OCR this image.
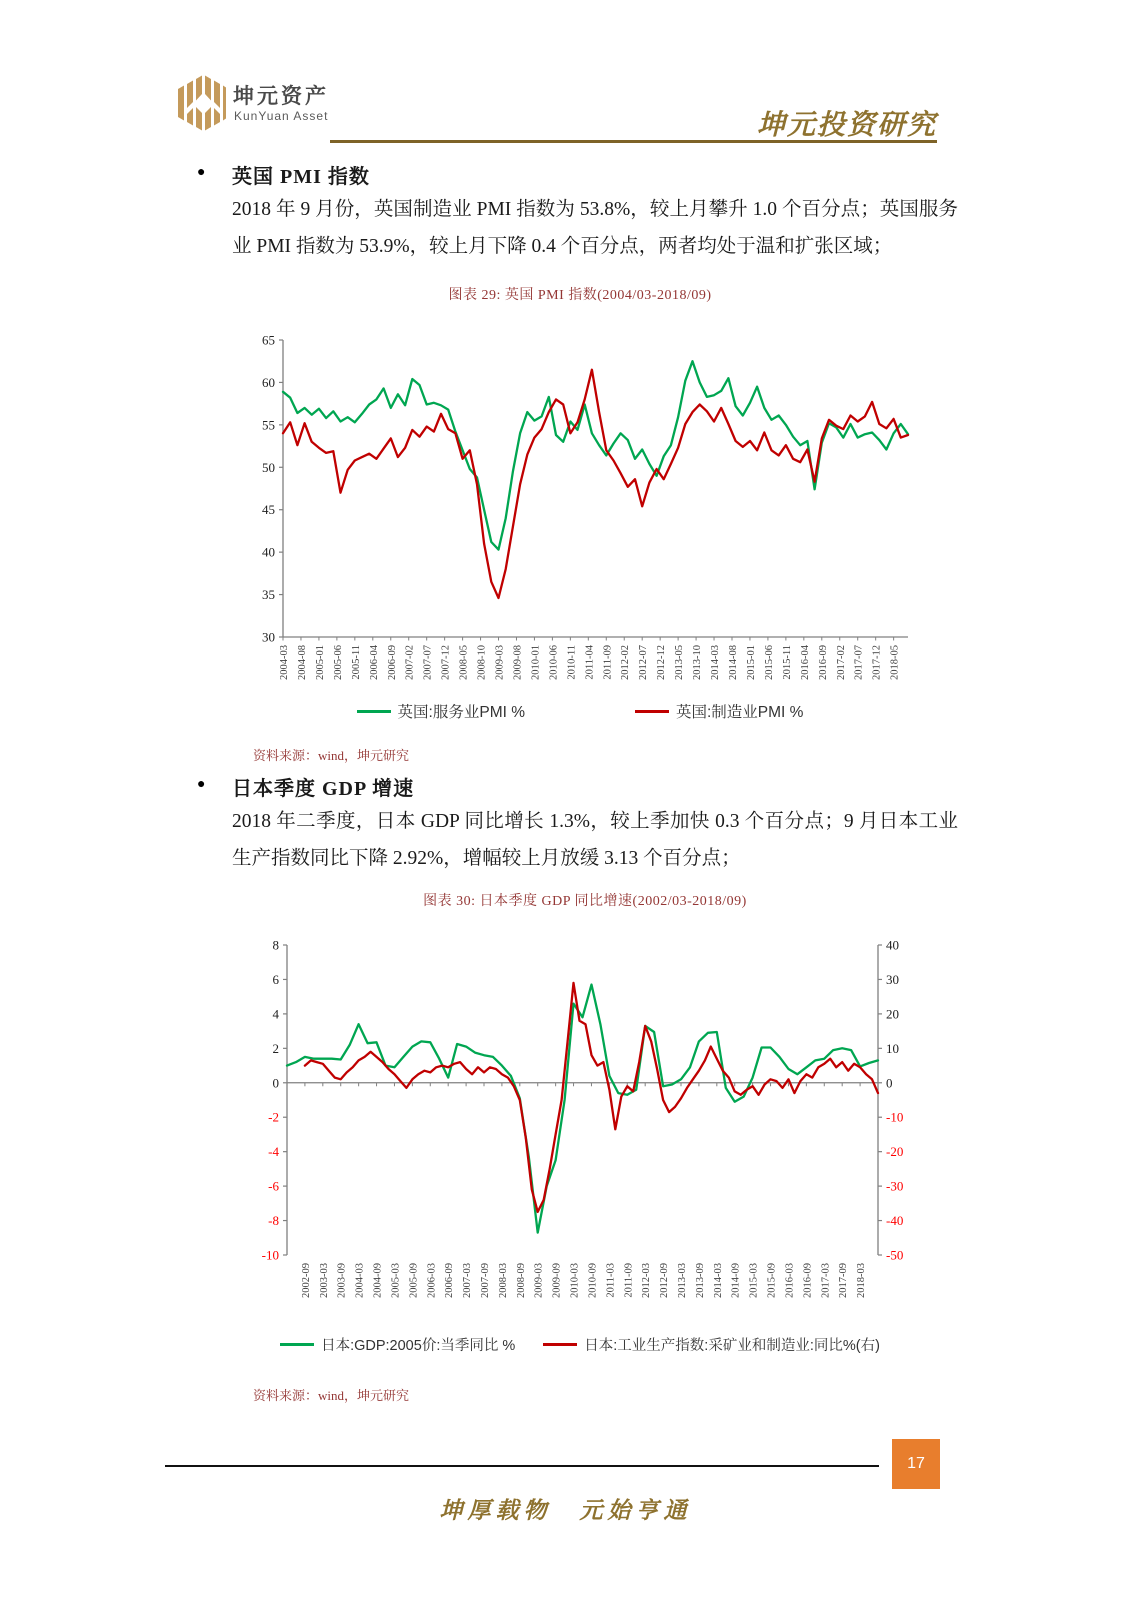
坤元资产
KunYuan Asset	坤元投资研究
● 英国 PMI 指数
2018 年 9 月份，英国制造业 PMI 指数为 53.8%，较上月攀升 1.0 个百分点；英国服务业 PMI 指数为 53.9%，较上月下降 0.4 个百分点，两者均处于温和扩张区域；
图表 29: 英国 PMI 指数(2004/03-2018/09)
30
35
40
45
50
55
60
65
2004-03 2004-08 2005-01 2005-06 2005-11 2006-04 2006-09 2007-02 2007-07 2007-12 2008-05 2008-10 2009-03 2009-08 2010-01 2010-06 2010-11 2011-04 2011-09 2012-02 2012-07 2012-12 2013-05 2013-10 2014-03 2014-08 2015-01 2015-06 2015-11 2016-04 2016-09 2017-02 2017-07 2017-12 2018-05
英国:服务业PMI %	英国:制造业PMI %
资料来源：wind，坤元研究
● 日本季度 GDP 增速
2018 年二季度，日本 GDP 同比增长 1.3%，较上季加快 0.3 个百分点；9 月日本工业生产指数同比下降 2.92%，增幅较上月放缓 3.13 个百分点；
图表 30: 日本季度 GDP 同比增速(2002/03-2018/09)
-10
-8
-6
-4
-2
0
2
4
6
8
-50
-40
-30
-20
-10
0
10
20
30
40
2002-09 2003-03 2003-09 2004-03 2004-09 2005-03 2005-09 2006-03 2006-09 2007-03 2007-09 2008-03 2008-09 2009-03 2009-09 2010-03 2010-09 2011-03 2011-09 2012-03 2012-09 2013-03 2013-09 2014-03 2014-09 2015-03 2015-09 2016-03 2016-09 2017-03 2017-09 2018-03
日本:GDP:2005价:当季同比 %	日本:工业生产指数:采矿业和制造业:同比%(右)
资料来源：wind，坤元研究
17
坤厚载物　元始亨通
